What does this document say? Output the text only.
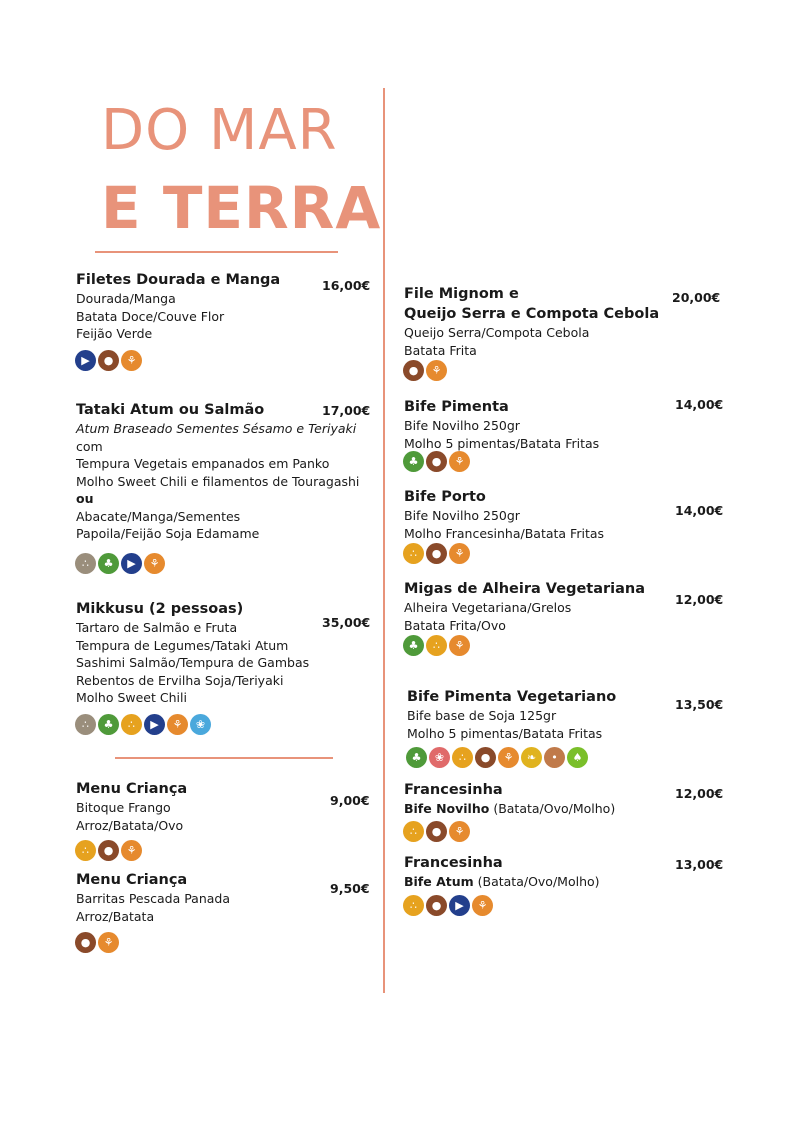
DO MAR
E TERRA
Filetes Dourada e Manga
Dourada/Manga
Batata Doce/Couve Flor
Feijão Verde
16,00€
▶	●	⚘
Tataki Atum ou Salmão
Atum Braseado Sementes Sésamo e Teriyaki
com
Tempura Vegetais empanados em Panko
Molho Sweet Chili e filamentos de Touragashi
ou
Abacate/Manga/Sementes
Papoila/Feijão Soja Edamame
17,00€
∴	♣	▶	⚘
Mikkusu (2 pessoas)
Tartaro de Salmão e Fruta
Tempura de Legumes/Tataki Atum
Sashimi Salmão/Tempura de Gambas
Rebentos de Ervilha Soja/Teriyaki
Molho Sweet Chili
35,00€
∴	♣	∴	▶	⚘	❀
Menu Criança
Bitoque Frango
Arroz/Batata/Ovo
9,00€
∴	●	⚘
Menu Criança
Barritas Pescada Panada
Arroz/Batata
9,50€
●	⚘
File Mignom e
Queijo Serra e Compota Cebola
Queijo Serra/Compota Cebola
Batata Frita
20,00€
●	⚘
Bife Pimenta
Bife Novilho 250gr
Molho 5 pimentas/Batata Fritas
14,00€
♣	●	⚘
Bife Porto
Bife Novilho 250gr
Molho Francesinha/Batata Fritas
14,00€
∴	●	⚘
Migas de Alheira Vegetariana
Alheira Vegetariana/Grelos
Batata Frita/Ovo
12,00€
♣	∴	⚘
Bife Pimenta Vegetariano
Bife base de Soja 125gr
Molho 5 pimentas/Batata Fritas
13,50€
♣	❀	∴	●	⚘	❧	•	♠
Francesinha
Bife Novilho (Batata/Ovo/Molho)
12,00€
∴	●	⚘
Francesinha
Bife Atum (Batata/Ovo/Molho)
13,00€
∴	●	▶	⚘
